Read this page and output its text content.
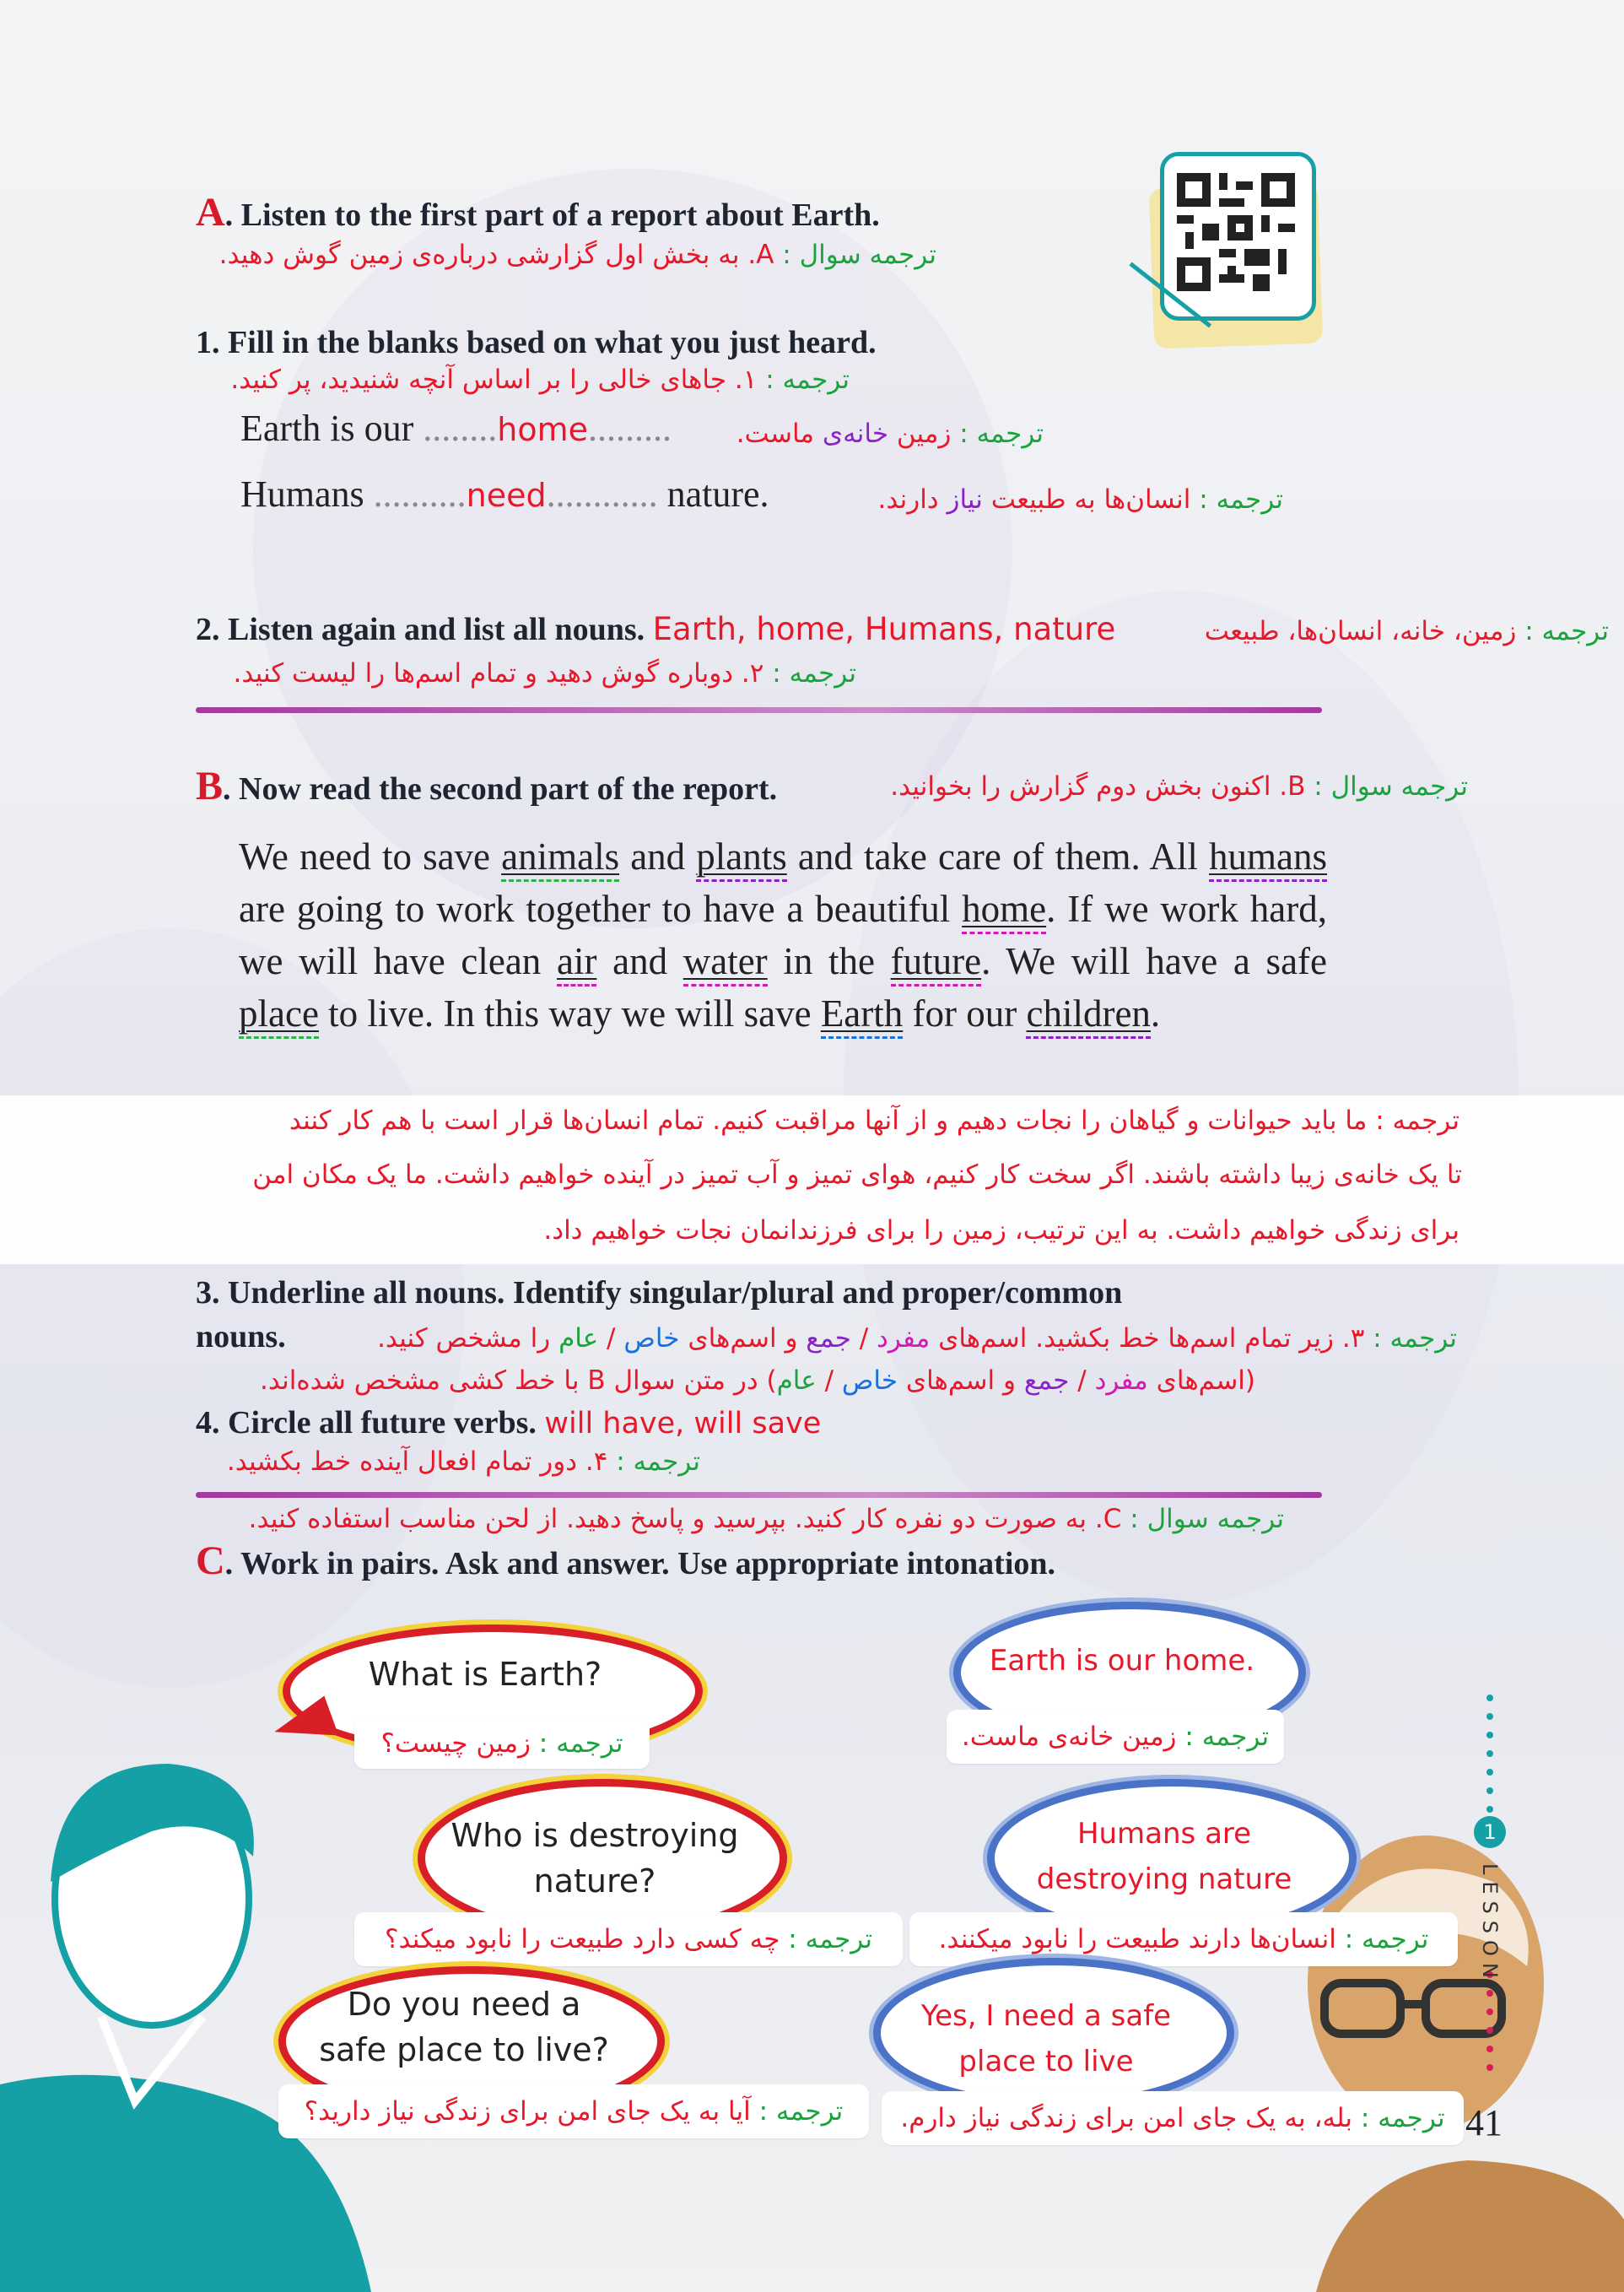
A. Listen to the first part of a report about Earth.
ترجمه سوال : A. به بخش اول گزارشی درباره‌ی زمین گوش دهید.
1. Fill in the blanks based on what you just heard.
ترجمه : ۱. جاهای خالی را بر اساس آنچه شنیدید، پر کنید.
Earth is our ........home.........	ترجمه : زمین خانه‌ی ماست.
Humans ..........need............ nature.	ترجمه : انسان‌ها به طبیعت نیاز دارند.
2. Listen again and list all nouns. Earth, home, Humans, nature	ترجمه : زمین، خانه، انسان‌ها، طبیعت
ترجمه : ۲. دوباره گوش دهید و تمام اسم‌ها را لیست کنید.
B. Now read the second part of the report.	ترجمه سوال : B. اکنون بخش دوم گزارش را بخوانید.
We need to save animals and plants and take care of them. All humans are going to work together to have a beautiful home. If we work hard, we will have clean air and water in the future. We will have a safe place to live. In this way we will save Earth for our children.
ترجمه : ما باید حیوانات و گیاهان را نجات دهیم و از آنها مراقبت کنیم. تمام انسان‌ها قرار است با هم کار کنند
تا یک خانه‌ی زیبا داشته باشند. اگر سخت کار کنیم، هوای تمیز و آب تمیز در آینده خواهیم داشت. ما یک مکان امن
برای زندگی خواهیم داشت. به این ترتیب، زمین را برای فرزندانمان نجات خواهیم داد.
3. Underline all nouns. Identify singular/plural and proper/common
nouns.	ترجمه : ۳. زیر تمام اسم‌ها خط بکشید. اسم‌های مفرد / جمع و اسم‌های خاص / عام را مشخص کنید.
(اسم‌های مفرد / جمع و اسم‌های خاص / عام) در متن سوال B با خط کشی مشخص شده‌اند.
4. Circle all future verbs. will have, will save
ترجمه : ۴. دور تمام افعال آینده خط بکشید.
ترجمه سوال : C. به صورت دو نفره کار کنید. بپرسید و پاسخ دهید. از لحن مناسب استفاده کنید.
C. Work in pairs. Ask and answer. Use appropriate intonation.
What is Earth?
ترجمه : زمین چیست؟
Earth is our home.
ترجمه : زمین خانه‌ی ماست.
Who is destroying
nature?
ترجمه : چه کسی دارد طبیعت را نابود میکند؟
Humans are
destroying nature
ترجمه : انسان‌ها دارند طبیعت را نابود میکنند.
Do you need a
safe place to live?
ترجمه : آیا به یک جای امن برای زندگی نیاز دارید؟
Yes, I need a safe
place to live
ترجمه : بله، به یک جای امن برای زندگی نیاز دارم.
1
LESSON
41
